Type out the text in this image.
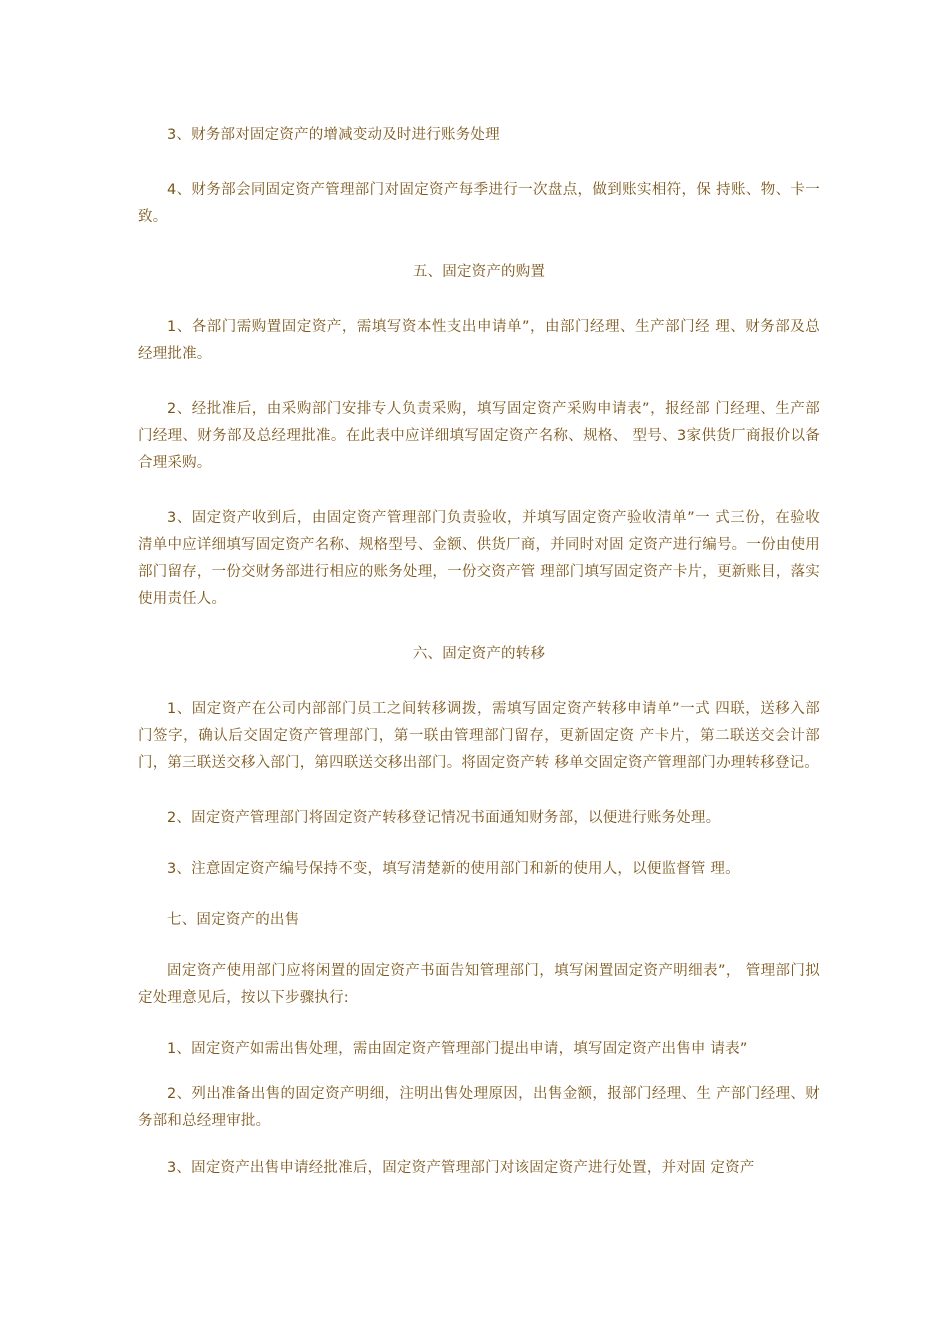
3、财务部对固定资产的增减变动及时进行账务处理

4、财务部会同固定资产管理部门对固定资产每季进行一次盘点，做到账实相符，保 持账、物、卡一致。

五、固定资产的购置

1、各部门需购置固定资产，需填写资本性支出申请单”，由部门经理、生产部门经 理、财务部及总经理批准。

2、经批准后，由采购部门安排专人负责采购，填写固定资产采购申请表”，报经部 门经理、生产部门经理、财务部及总经理批准。在此表中应详细填写固定资产名称、规格、 型号、3家供货厂商报价以备合理采购。

3、固定资产收到后，由固定资产管理部门负责验收，并填写固定资产验收清单”一 式三份，在验收清单中应详细填写固定资产名称、规格型号、金额、供货厂商，并同时对固 定资产进行编号。一份由使用部门留存，一份交财务部进行相应的账务处理，一份交资产管 理部门填写固定资产卡片，更新账目，落实使用责任人。

六、固定资产的转移

1、固定资产在公司内部部门员工之间转移调拨，需填写固定资产转移申请单”一式 四联，送移入部门签字，确认后交固定资产管理部门，第一联由管理部门留存，更新固定资 产卡片，第二联送交会计部门，第三联送交移入部门，第四联送交移出部门。将固定资产转 移单交固定资产管理部门办理转移登记。

2、固定资产管理部门将固定资产转移登记情况书面通知财务部，以便进行账务处理。

3、注意固定资产编号保持不变，填写清楚新的使用部门和新的使用人，以便监督管 理。

七、固定资产的出售

固定资产使用部门应将闲置的固定资产书面告知管理部门，填写闲置固定资产明细表”， 管理部门拟定处理意见后，按以下步骤执行:

1、固定资产如需出售处理，需由固定资产管理部门提出申请，填写固定资产出售申 请表”

2、列出准备出售的固定资产明细，注明出售处理原因，出售金额，报部门经理、生 产部门经理、财务部和总经理审批。

3、固定资产出售申请经批准后，固定资产管理部门对该固定资产进行处置，并对固 定资产
